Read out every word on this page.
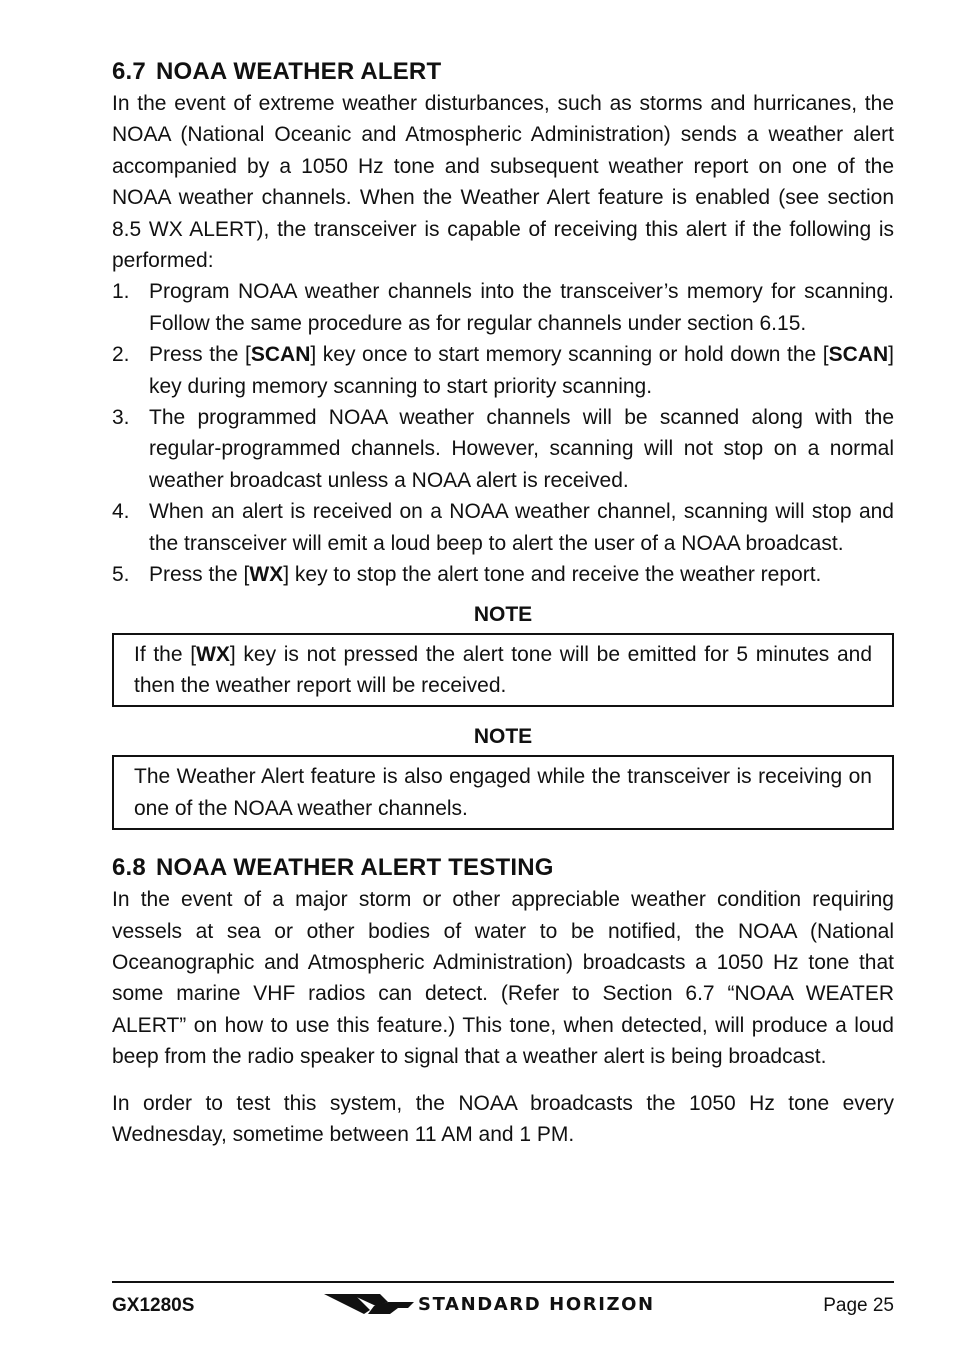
6.7 NOAA WEATHER ALERT

In the event of extreme weather disturbances, such as storms and hurricanes, the NOAA (National Oceanic and Atmospheric Administration) sends a weather alert accompanied by a 1050 Hz tone and subsequent weather report on one of the NOAA weather channels. When the Weather Alert feature is enabled (see section 8.5 WX ALERT), the transceiver is capable of receiving this alert if the following is performed:

1. Program NOAA weather channels into the transceiver’s memory for scanning. Follow the same procedure as for regular channels under section 6.15.
2. Press the [SCAN] key once to start memory scanning or hold down the [SCAN] key during memory scanning to start priority scanning.
3. The programmed NOAA weather channels will be scanned along with the regular-programmed channels. However, scanning will not stop on a normal weather broadcast unless a NOAA alert is received.
4. When an alert is received on a NOAA weather channel, scanning will stop and the transceiver will emit a loud beep to alert the user of a NOAA broadcast.
5. Press the [WX] key to stop the alert tone and receive the weather report.
NOTE
If the [WX] key is not pressed the alert tone will be emitted for 5 minutes and then the weather report will be received.
NOTE
The Weather Alert feature is also engaged while the transceiver is receiving on one of the NOAA weather channels.
6.8 NOAA WEATHER ALERT TESTING

In the event of a major storm or other appreciable weather condition requiring vessels at sea or other bodies of water to be notified, the NOAA (National Oceanographic and Atmospheric Administration) broadcasts a 1050 Hz tone that some marine VHF radios can detect. (Refer to Section 6.7 “NOAA WEATER ALERT” on how to use this feature.) This tone, when detected, will produce a loud beep from the radio speaker to signal that a weather alert is being broadcast.

In order to test this system, the NOAA broadcasts the 1050 Hz tone every Wednesday, sometime between 11 AM and 1 PM.

GX1280S	STANDARD HORIZON	Page 25
